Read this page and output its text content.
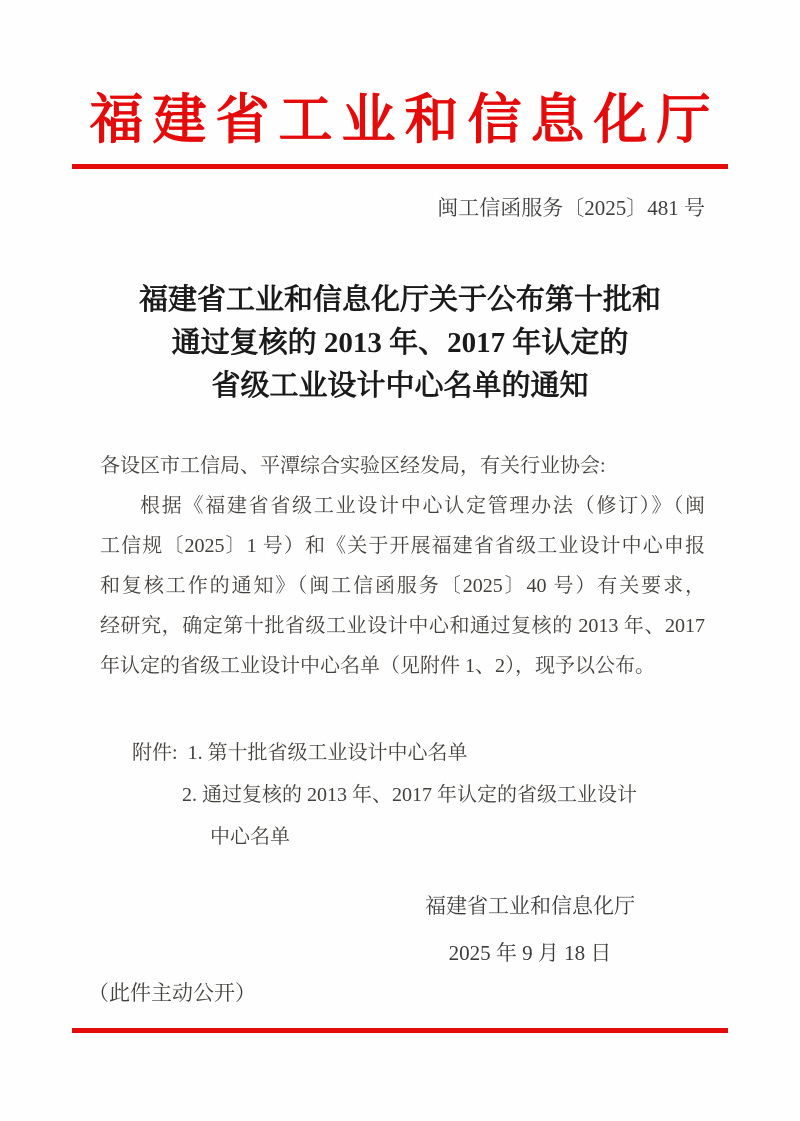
福建省工业和信息化厅
闽工信函服务〔2025〕481 号
福建省工业和信息化厅关于公布第十批和
通过复核的 2013 年、2017 年认定的
省级工业设计中心名单的通知
各设区市工信局、平潭综合实验区经发局，有关行业协会:
根据《福建省省级工业设计中心认定管理办法（修订）》（闽
工信规〔2025〕1 号）和《关于开展福建省省级工业设计中心申报
和复核工作的通知》（闽工信函服务〔2025〕40 号）有关要求，
经研究，确定第十批省级工业设计中心和通过复核的 2013 年、2017
年认定的省级工业设计中心名单（见附件 1、2），现予以公布。
附件: 1. 第十批省级工业设计中心名单
2. 通过复核的 2013 年、2017 年认定的省级工业设计
中心名单
福建省工业和信息化厅
2025 年 9 月 18 日
（此件主动公开）
